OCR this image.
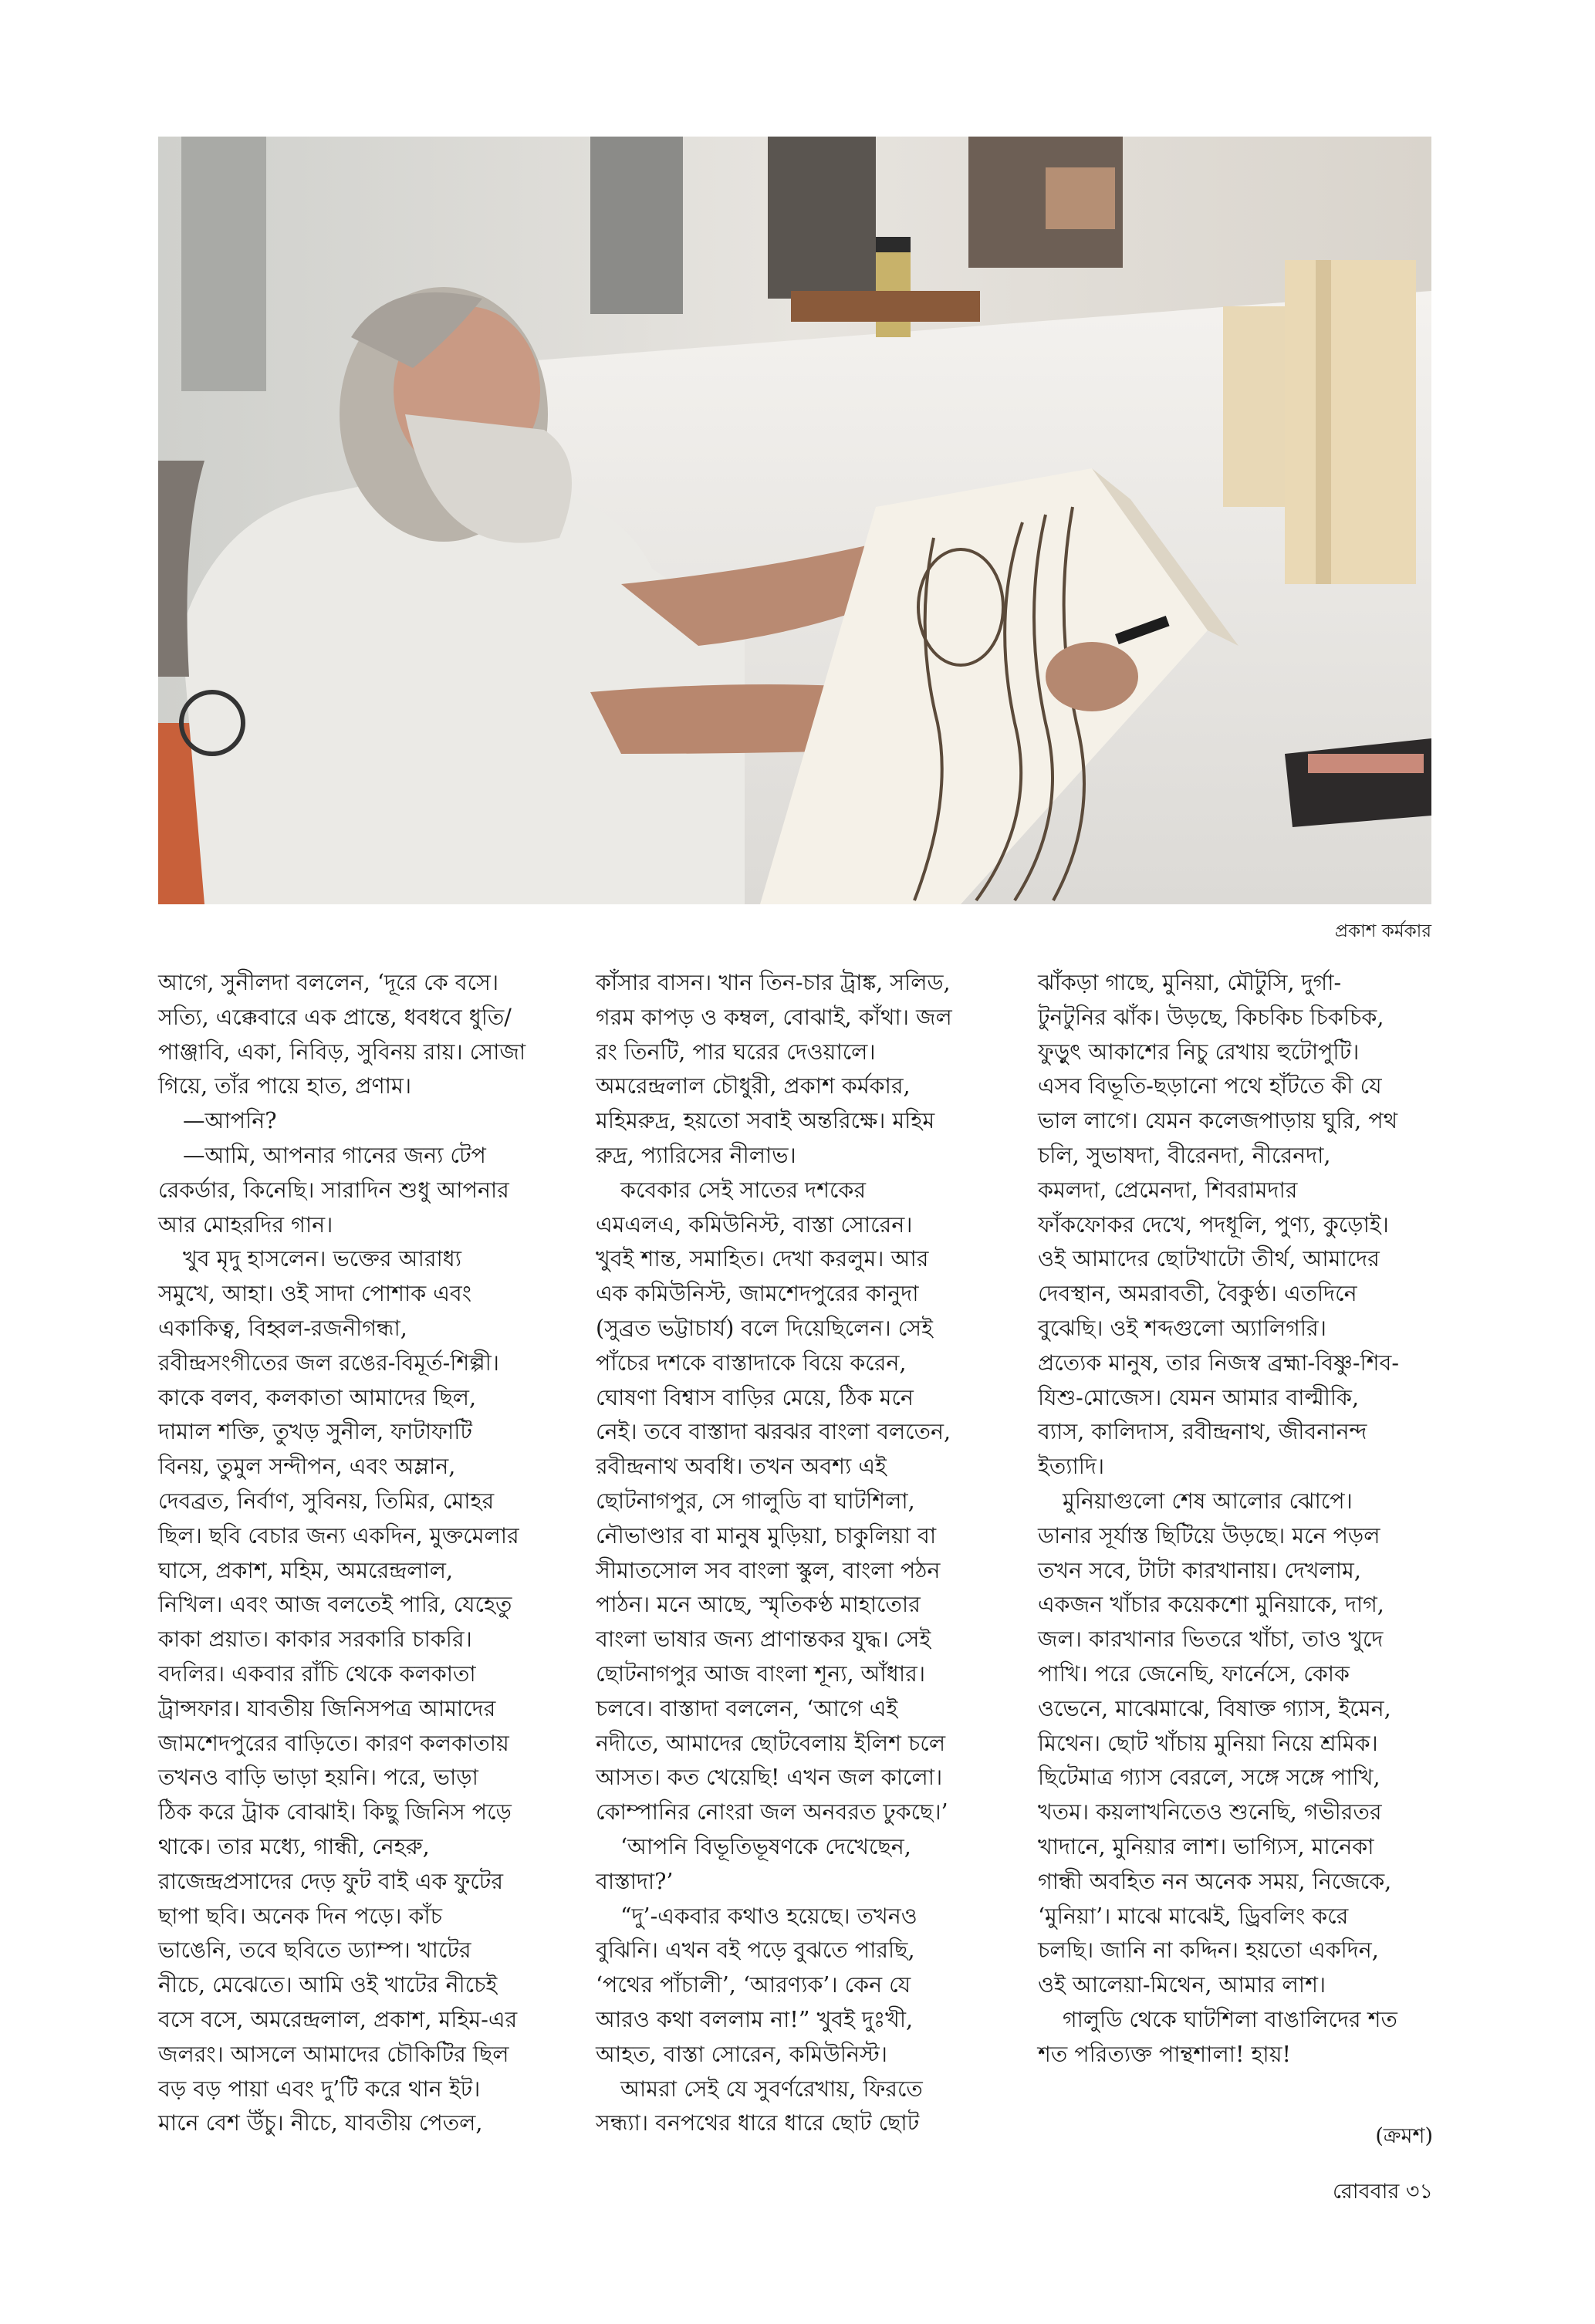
প্রকাশ কর্মকার
আগে, সুনীলদা বললেন, ‘দূরে কে বসে।
সত্যি, এক্কেবারে এক প্রান্তে, ধবধবে ধুতি/
পাঞ্জাবি, একা, নিবিড়, সুবিনয় রায়। সোজা
গিয়ে, তাঁর পায়ে হাত, প্রণাম।
—আপনি?
—আমি, আপনার গানের জন্য টেপ
রেকর্ডার, কিনেছি। সারাদিন শুধু আপনার
আর মোহরদির গান।
খুব মৃদু হাসলেন। ভক্তের আরাধ্য
সমুখে, আহা। ওই সাদা পোশাক এবং
একাকিত্ব, বিহ্বল-রজনীগন্ধা,
রবীন্দ্রসংগীতের জল রঙের-বিমূর্ত-শিল্পী।
কাকে বলব, কলকাতা আমাদের ছিল,
দামাল শক্তি, তুখড় সুনীল, ফাটাফাটি
বিনয়, তুমুল সন্দীপন, এবং অম্লান,
দেবব্রত, নির্বাণ, সুবিনয়, তিমির, মোহর
ছিল। ছবি বেচার জন্য একদিন, মুক্তমেলার
ঘাসে, প্রকাশ, মহিম, অমরেন্দ্রলাল,
নিখিল। এবং আজ বলতেই পারি, যেহেতু
কাকা প্রয়াত। কাকার সরকারি চাকরি।
বদলির। একবার রাঁচি থেকে কলকাতা
ট্রান্সফার। যাবতীয় জিনিসপত্র আমাদের
জামশেদপুরের বাড়িতে। কারণ কলকাতায়
তখনও বাড়ি ভাড়া হয়নি। পরে, ভাড়া
ঠিক করে ট্রাক বোঝাই। কিছু জিনিস পড়ে
থাকে। তার মধ্যে, গান্ধী, নেহরু,
রাজেন্দ্রপ্রসাদের দেড় ফুট বাই এক ফুটের
ছাপা ছবি। অনেক দিন পড়ে। কাঁচ
ভাঙেনি, তবে ছবিতে ড্যাম্প। খাটের
নীচে, মেঝেতে। আমি ওই খাটের নীচেই
বসে বসে, অমরেন্দ্রলাল, প্রকাশ, মহিম-এর
জলরং। আসলে আমাদের চৌকিটির ছিল
বড় বড় পায়া এবং দু’টি করে থান ইট।
মানে বেশ উঁচু। নীচে, যাবতীয় পেতল,
কাঁসার বাসন। খান তিন-চার ট্রাঙ্ক, সলিড,
গরম কাপড় ও কম্বল, বোঝাই, কাঁথা। জল
রং তিনটি, পার ঘরের দেওয়ালে।
অমরেন্দ্রলাল চৌধুরী, প্রকাশ কর্মকার,
মহিমরুদ্র, হয়তো সবাই অন্তরিক্ষে। মহিম
রুদ্র, প্যারিসের নীলাভ।
কবেকার সেই সাতের দশকের
এমএলএ, কমিউনিস্ট, বাস্তা সোরেন।
খুবই শান্ত, সমাহিত। দেখা করলুম। আর
এক কমিউনিস্ট, জামশেদপুরের কানুদা
(সুব্রত ভট্টাচার্য) বলে দিয়েছিলেন। সেই
পাঁচের দশকে বাস্তাদাকে বিয়ে করেন,
ঘোষণা বিশ্বাস বাড়ির মেয়ে, ঠিক মনে
নেই। তবে বাস্তাদা ঝরঝর বাংলা বলতেন,
রবীন্দ্রনাথ অবধি। তখন অবশ্য এই
ছোটনাগপুর, সে গালুডি বা ঘাটশিলা,
নৌভাণ্ডার বা মানুষ মুড়িয়া, চাকুলিয়া বা
সীমাতসোল সব বাংলা স্কুল, বাংলা পঠন
পাঠন। মনে আছে, স্মৃতিকণ্ঠ মাহাতোর
বাংলা ভাষার জন্য প্রাণান্তকর যুদ্ধ। সেই
ছোটনাগপুর আজ বাংলা শূন্য, আঁধার।
চলবে। বাস্তাদা বললেন, ‘আগে এই
নদীতে, আমাদের ছোটবেলায় ইলিশ চলে
আসত। কত খেয়েছি! এখন জল কালো।
কোম্পানির নোংরা জল অনবরত ঢুকছে।’
‘আপনি বিভূতিভূষণকে দেখেছেন,
বাস্তাদা?’
“দু’-একবার কথাও হয়েছে। তখনও
বুঝিনি। এখন বই পড়ে বুঝতে পারছি,
‘পথের পাঁচালী’, ‘আরণ্যক’। কেন যে
আরও কথা বললাম না!” খুবই দুঃখী,
আহত, বাস্তা সোরেন, কমিউনিস্ট।
আমরা সেই যে সুবর্ণরেখায়, ফিরতে
সন্ধ্যা। বনপথের ধারে ধারে ছোট ছোট
ঝাঁকড়া গাছে, মুনিয়া, মৌটুসি, দুর্গা-
টুনটুনির ঝাঁক। উড়ছে, কিচকিচ চিকচিক,
ফুড়ুৎ আকাশের নিচু রেখায় হুটোপুটি।
এসব বিভূতি-ছড়ানো পথে হাঁটতে কী যে
ভাল লাগে। যেমন কলেজপাড়ায় ঘুরি, পথ
চলি, সুভাষদা, বীরেনদা, নীরেনদা,
কমলদা, প্রেমেনদা, শিবরামদার
ফাঁকফোকর দেখে, পদধূলি, পুণ্য, কুড়োই।
ওই আমাদের ছোটখাটো তীর্থ, আমাদের
দেবস্থান, অমরাবতী, বৈকুণ্ঠ। এতদিনে
বুঝেছি। ওই শব্দগুলো অ্যালিগরি।
প্রত্যেক মানুষ, তার নিজস্ব ব্রহ্মা-বিষ্ণু-শিব-
যিশু-মোজেস। যেমন আমার বাল্মীকি,
ব্যাস, কালিদাস, রবীন্দ্রনাথ, জীবনানন্দ
ইত্যাদি।
মুনিয়াগুলো শেষ আলোর ঝোপে।
ডানার সূর্যাস্ত ছিটিয়ে উড়ছে। মনে পড়ল
তখন সবে, টাটা কারখানায়। দেখলাম,
একজন খাঁচার কয়েকশো মুনিয়াকে, দাগ,
জল। কারখানার ভিতরে খাঁচা, তাও খুদে
পাখি। পরে জেনেছি, ফার্নেসে, কোক
ওভেনে, মাঝেমাঝে, বিষাক্ত গ্যাস, ইমেন,
মিথেন। ছোট খাঁচায় মুনিয়া নিয়ে শ্রমিক।
ছিটেমাত্র গ্যাস বেরলে, সঙ্গে সঙ্গে পাখি,
খতম। কয়লাখনিতেও শুনেছি, গভীরতর
খাদানে, মুনিয়ার লাশ। ভাগ্যিস, মানেকা
গান্ধী অবহিত নন অনেক সময়, নিজেকে,
‘মুনিয়া’। মাঝে মাঝেই, ড্রিবলিং করে
চলছি। জানি না কদ্দিন। হয়তো একদিন,
ওই আলেয়া-মিথেন, আমার লাশ।
গালুডি থেকে ঘাটশিলা বাঙালিদের শত
শত পরিত্যক্ত পান্থশালা! হায়!
(ক্রমশ)
রোববার ৩১
